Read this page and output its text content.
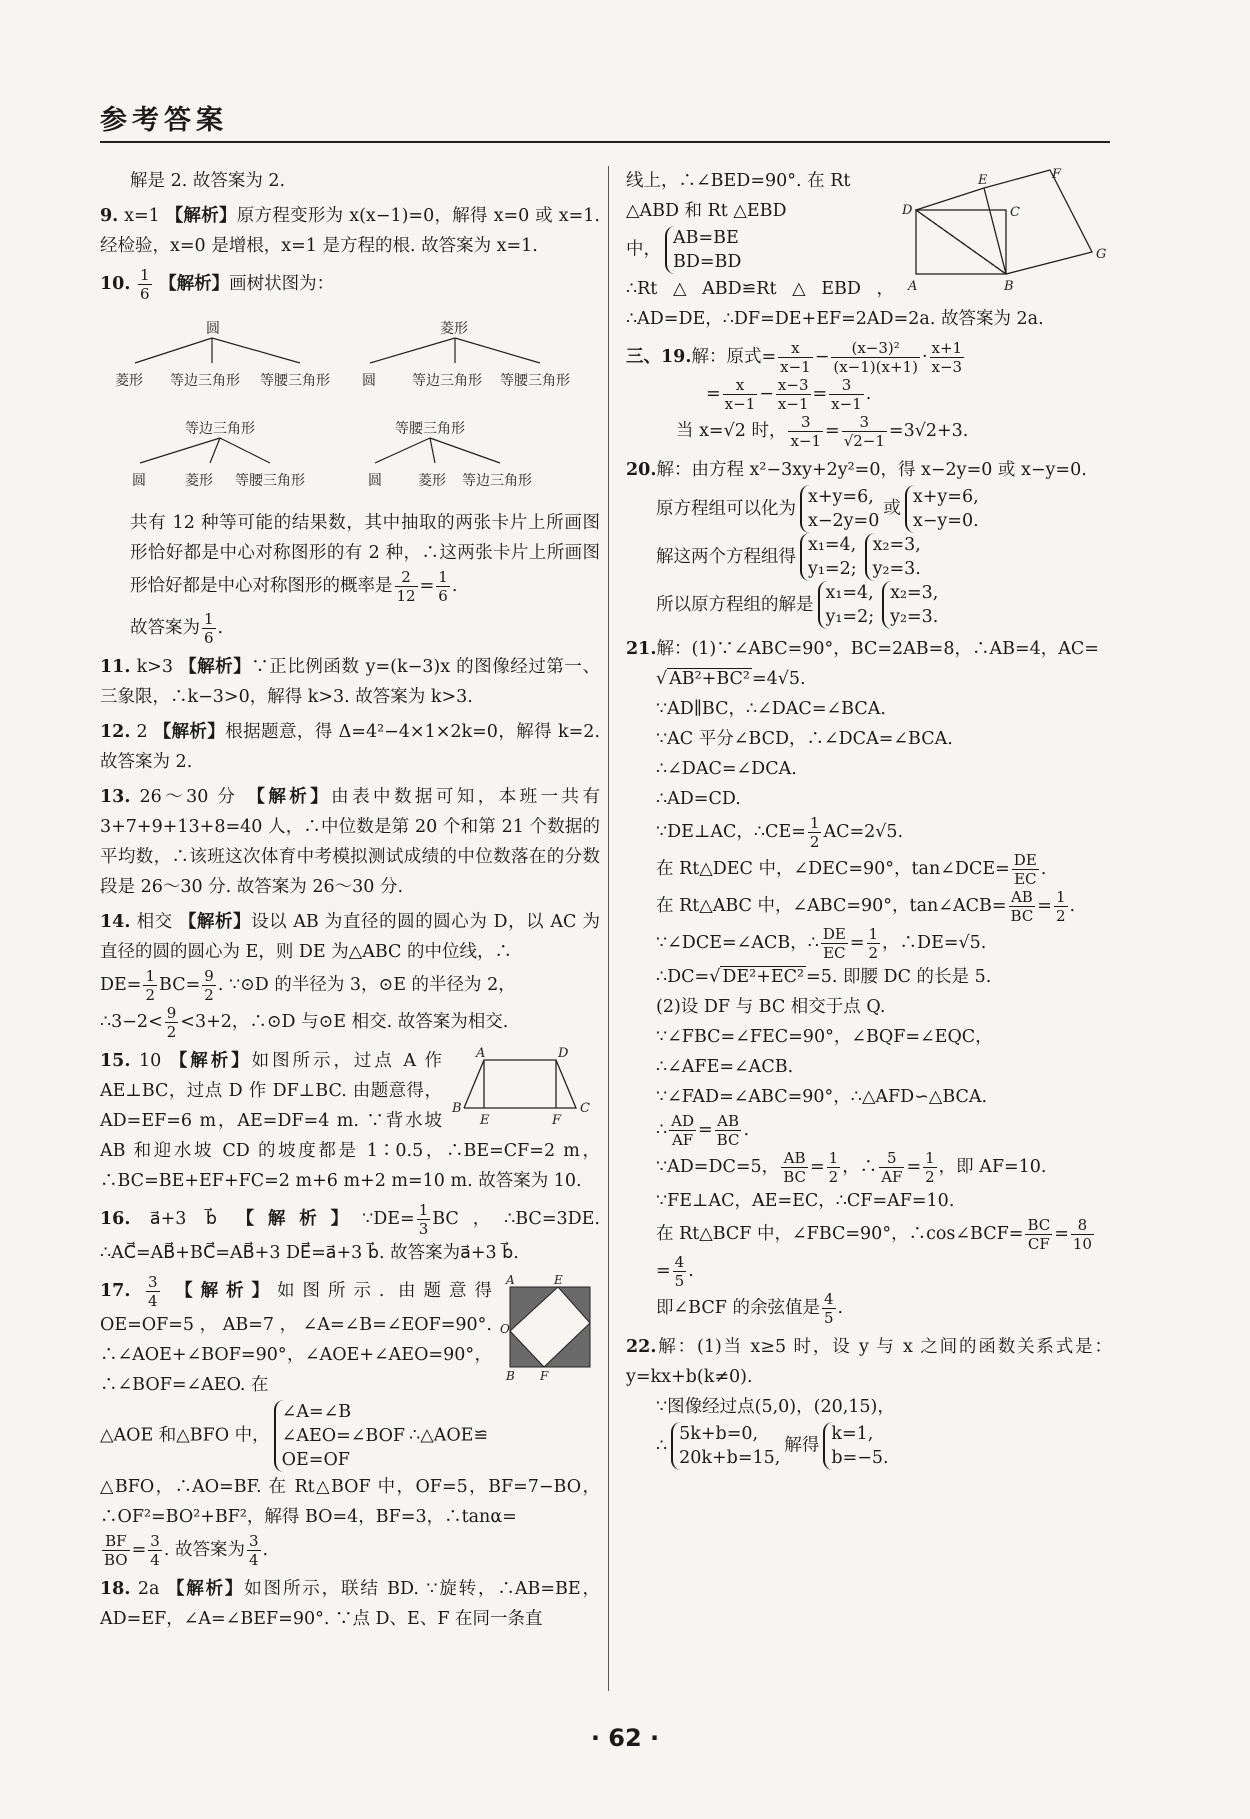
参考答案

解是 2. 故答案为 2.

9. x=1 【解析】原方程变形为 x(x−1)=0，解得 x=0 或 x=1. 经检验，x=0 是增根，x=1 是方程的根. 故答案为 x=1.

10. $\frac{1}{6}$ 【解析】画树状图为：

圆
菱形 等边三角形 等腰三角形
菱形
圆	等边三角形 等腰三角形
等边三角形
圆	菱形 等腰三角形
等腰三角形
圆	菱形 等边三角形

共有 12 种等可能的结果数，其中抽取的两张卡片上所画图形恰好都是中心对称图形的有 2 种，∴这两张卡片上所画图形恰好都是中心对称图形的概率是 $\frac{2}{12} = \frac{1}{6}$ .

故答案为 $\frac{1}{6}$ .

11. k>3 【解析】∵正比例函数 y=(k−3)x 的图像经过第一、三象限，∴k−3>0，解得 k>3. 故答案为 k>3.

12. 2 【解析】根据题意，得 Δ=4²−4×1×2k=0，解得 k=2. 故答案为 2.

13. 26～30 分 【解析】由表中数据可知，本班一共有 3+7+9+13+8=40 人，∴中位数是第 20 个和第 21 个数据的平均数，∴该班这次体育中考模拟测试成绩的中位数落在的分数段是 26～30 分. 故答案为 26～30 分.

14. 相交 【解析】设以 AB 为直径的圆的圆心为 D，以 AC 为直径的圆的圆心为 E，则 DE 为△ABC 的中位线，∴
$DE= \frac{1}{2} BC= \frac{9}{2}$ . ∵⊙D 的半径为 3，⊙E 的半径为 2，
∴3−2< $\frac{9}{2} <3+2$，∴⊙D 与⊙E 相交. 故答案为相交.

A	D
B
E	F
C
15. 10 【解析】如图所示，过点 A 作 AE⊥BC，过点 D 作 DF⊥BC. 由题意得，AD=EF=6 m，AE=DF=4 m. ∵背水坡 AB 和迎水坡 CD 的坡度都是 1∶0.5，∴BE=CF=2 m，∴BC=BE+EF+FC=2 m+6 m+2 m=10 m. 故答案为 10.

16. a⃗+3 b⃗ 【解析】∵DE= $\frac{1}{3}$ BC，∴BC=3DE. ∴AC⃗=AB⃗+BC⃗=AB⃗+3 DE⃗=a⃗+3 b⃗. 故答案为a⃗+3 b⃗.

A	E
O
B F
17. $\frac{3}{4}$ 【解析】如图所示. 由题意得 OE=OF=5，AB=7，∠A=∠B=∠EOF=90°. ∴∠AOE+∠BOF=90°，∠AOE+∠AEO=90°，∴∠BOF=∠AEO. 在
△AOE 和△BFO 中，∠A=∠B
∠AEO=∠BOF
OE=OF∴△AOE≌
△BFO，∴AO=BF. 在 Rt△BOF 中，OF=5，BF=7−BO，∴OF²=BO²+BF²，解得 BO=4，BF=3，∴tanα=

$\frac{BF}{BO} = \frac{3}{4}$ . 故答案为 $\frac{3}{4}$ .

18. 2a 【解析】如图所示，联结 BD. ∵旋转，∴AB=BE，AD=EF，∠A=∠BEF=90°. ∵点 D、E、F 在同一条直

D
E	F
C
A	B
G
线上，∴∠BED=90°. 在 Rt
△ABD 和 Rt △EBD
中，AB=BE
BD=BD
∴Rt△ABD≌Rt△EBD，∴AD=DE，∴DF=DE+EF=2AD=2a. 故答案为 2a.
三、19.解：原式= $\frac{x}{x-1} - \frac{\text{(x−3)²}}{(x-1)(x+1)} \cdot \frac{x+1}{x-3}$

= $\frac{x}{x-1} - \frac{x-3}{x-1} = \frac{3}{x-1}$ .
当 x=√2 时， $\frac{3}{x-1} = \frac{3}{√2-1} =3√2+3$.
20.解：由方程 x²−3xy+2y²=0，得 x−2y=0 或 x−y=0.
原方程组可以化为x+y=6,
x−2y=0或x+y=6,
x−y=0.
解这两个方程组得x₁=4,
y₁=2;x₂=3,
y₂=3.
所以原方程组的解是x₁=4,
y₁=2;x₂=3,
y₂=3.
21.解：(1)∵∠ABC=90°，BC=2AB=8，∴AB=4，AC=
√ AB²+BC² =4√5.
∵AD∥BC，∴∠DAC=∠BCA.
∵AC 平分∠BCD，∴∠DCA=∠BCA.
∴∠DAC=∠DCA.
∴AD=CD.
∵DE⊥AC，∴CE= $\frac{1}{2} AC=2√5$.
在 Rt△DEC 中，∠DEC=90°，tan∠DCE= $\frac{DE}{EC}$ .
在 Rt△ABC 中，∠ABC=90°，tan∠ACB= $\frac{AB}{BC} = \frac{1}{2}$ .
∵∠DCE=∠ACB，∴ $\frac{DE}{EC} = \frac{1}{2}$ ，∴DE=√5.
∴DC=√ DE²+EC² =5. 即腰 DC 的长是 5.
(2)设 DF 与 BC 相交于点 Q.
∵∠FBC=∠FEC=90°，∠BQF=∠EQC，
∴∠AFE=∠ACB.
∵∠FAD=∠ABC=90°，∴△AFD∽△BCA.
∴ $\frac{AD}{AF} = \frac{AB}{BC}$ .
∵AD=DC=5， $\frac{AB}{BC} = \frac{1}{2}$ ，∴ $\frac{5}{AF} = \frac{1}{2}$ ，即 AF=10.
∵FE⊥AC，AE=EC，∴CF=AF=10.
在 Rt△BCF 中，∠FBC=90°，∴cos∠BCF= $\frac{BC}{CF} = \frac{8}{10}$

= $\frac{4}{5}$ .
即∠BCF 的余弦值是 $\frac{4}{5}$ .
22.解：(1)当 x≥5 时，设 y 与 x 之间的函数关系式是：y=kx+b(k≠0).
∵图像经过点(5,0)，(20,15)，
∴5k+b=0,
20k+b=15,解得k=1,
b=−5.
· 62 ·
